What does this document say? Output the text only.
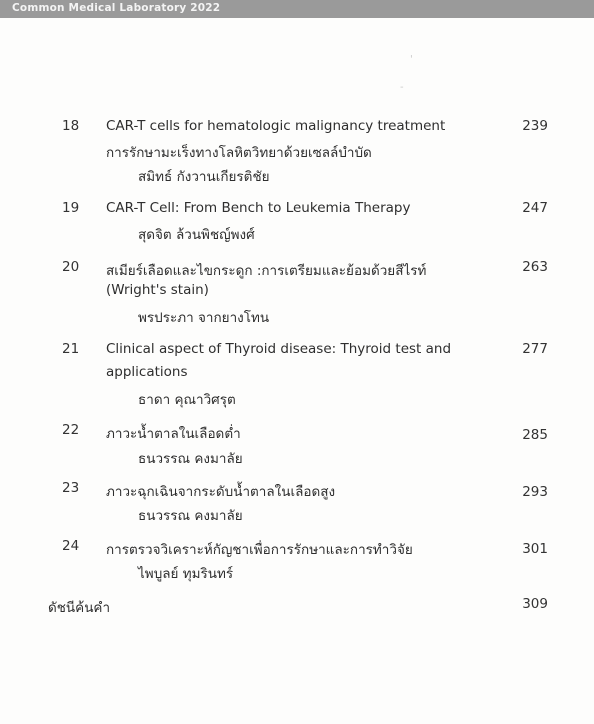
Common Medical Laboratory 2022
'
-
18 CAR-T cells for hematologic malignancy treatment
การรักษามะเร็งทางโลหิตวิทยาด้วยเซลล์บำบัด
สมิทธ์ กังวานเกียรติชัย
239
19 CAR-T Cell: From Bench to Leukemia Therapy
สุดจิต ล้วนพิชญ์พงศ์
247
20 สเมียร์เลือดและไขกระดูก :การเตรียมและย้อมด้วยสีไรท์
(Wright's stain)
พรประภา จากยางโทน
263
21 Clinical aspect of Thyroid disease: Thyroid test and
applications
ธาดา คุณาวิศรุต
277
22 ภาวะน้ำตาลในเลือดต่ำ
ธนวรรณ คงมาลัย
285
23 ภาวะฉุกเฉินจากระดับน้ำตาลในเลือดสูง
ธนวรรณ คงมาลัย
293
24 การตรวจวิเคราะห์กัญชาเพื่อการรักษาและการทำวิจัย
ไพบูลย์ ทุมรินทร์
301
ดัชนีค้นคำ	309
